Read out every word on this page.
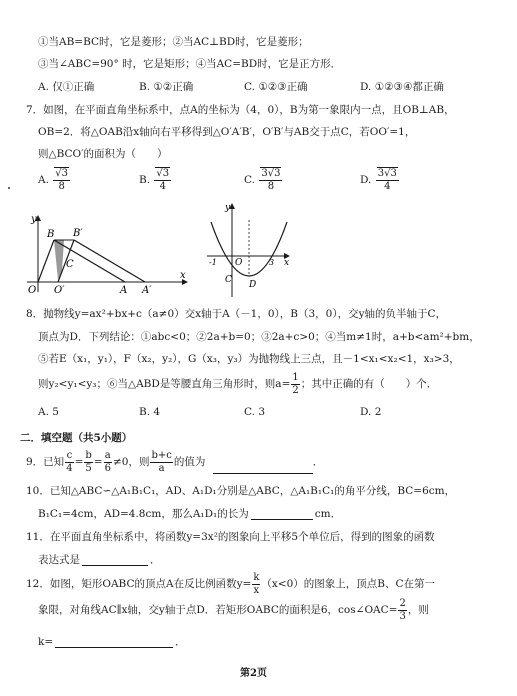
①当AB=BC时，它是菱形；②当AC⊥BD时，它是菱形；
③当∠ABC=90° 时，它是矩形；④当AC=BD时，它是正方形．
A. 仅①正确	B. ①②正确	C. ①②③正确	D. ①②③④都正确
7．如图，在平面直角坐标系中，点A的坐标为（4，0），B为第一象限内一点，且OB⊥AB，
OB=2．将△OAB沿x轴向右平移得到△O′A′B′，O′B′与AB交于点C，若OO′=1，
则△BCO′的面积为（　　）
A. $\frac{√3}{8}$	B. $\frac{√3}{4}$	C. $\frac{3√3}{8}$	D. $\frac{3√3}{4}$
y
B B′
C
O O′	A A′
x
y
-1 O	3 x
C D
8．抛物线y=ax²+bx+c（a≠0）交x轴于A（－1，0），B（3，0），交y轴的负半轴于C，
顶点为D．下列结论：①abc<0；②2a+b=0；③2a+c>0；④当m≠1时，a+b<am²+bm，
⑤若E（x₁，y₁），F（x₂，y₂），G（x₃，y₃）为抛物线上三点，且－1<x₁<x₂<1，x₃>3，
则y₂<y₁<y₃；⑥当△ABD是等腰直角三角形时，则$a= \frac{1}{2}$ ；其中正确的有（　　）个．
A. 5	B. 4	C. 3	D. 2
二．填空题（共5小题）
9．已知 $\frac{c}{4} = \frac{b}{5} = \frac{a}{6} \ne 0$，则 $\frac{b+c}{a}$ 的值为	．
10．已知△ABC∽△A₁B₁C₁，AD、A₁D₁分别是△ABC，△A₁B₁C₁的角平分线，BC=6cm，
B₁C₁=4cm，AD=4.8cm，那么A₁D₁的长为	cm．
11．在平面直角坐标系中，将函数y=3x²的图象向上平移5个单位后，得到的图象的函数
表达式是	．
12．如图，矩形OABC的顶点A在反比例函数$y= \frac{k}{x} (x<0)$的图象上，顶点B、C在第一
象限，对角线AC∥x轴，交y轴于点D．若矩形OABC的面积是6，cos∠OAC= $\frac{2}{3}$ ，则
k=	．
第2页
